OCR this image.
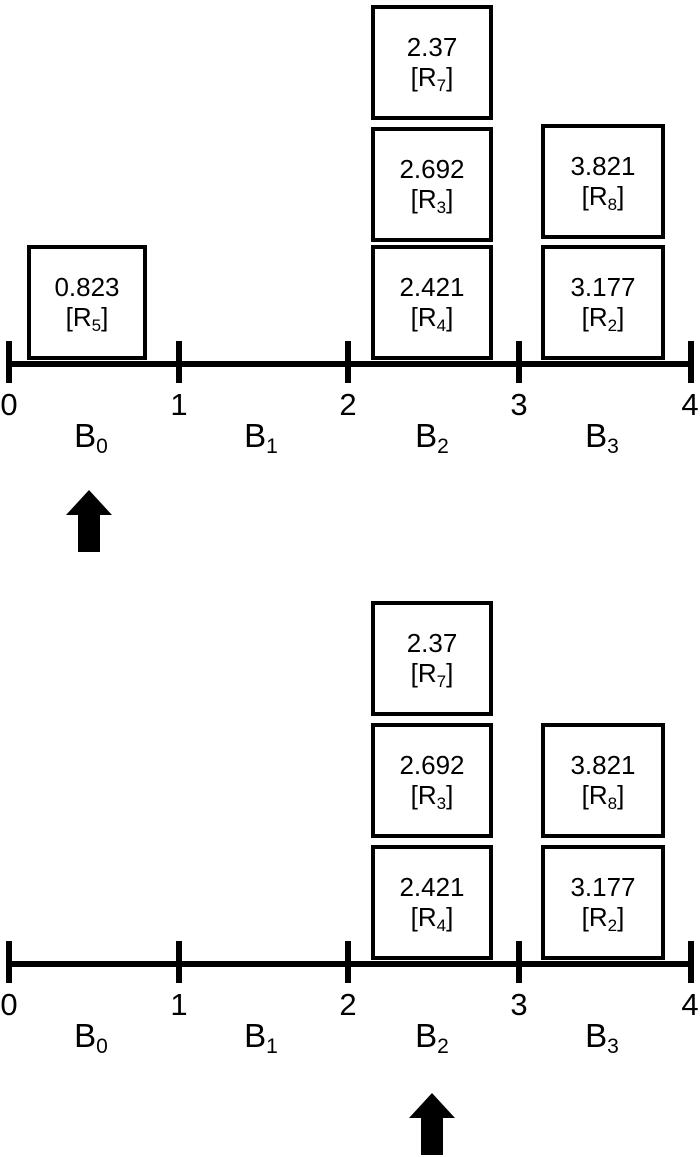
0.823
$[R_5]$
2.421
$[R_4]$
2.692
$[R_3]$
2.37
$[R_7]$
3.177
$[R_2]$
3.821
$[R_8]$
0	1	2	3	4
$B_0$	$B_1$	$B_2$	$B_3$
2.421
$[R_4]$
2.692
$[R_3]$
2.37
$[R_7]$
3.177
$[R_2]$
3.821
$[R_8]$
0	1	2	3	4
$B_0$	$B_1$	$B_2$	$B_3$
